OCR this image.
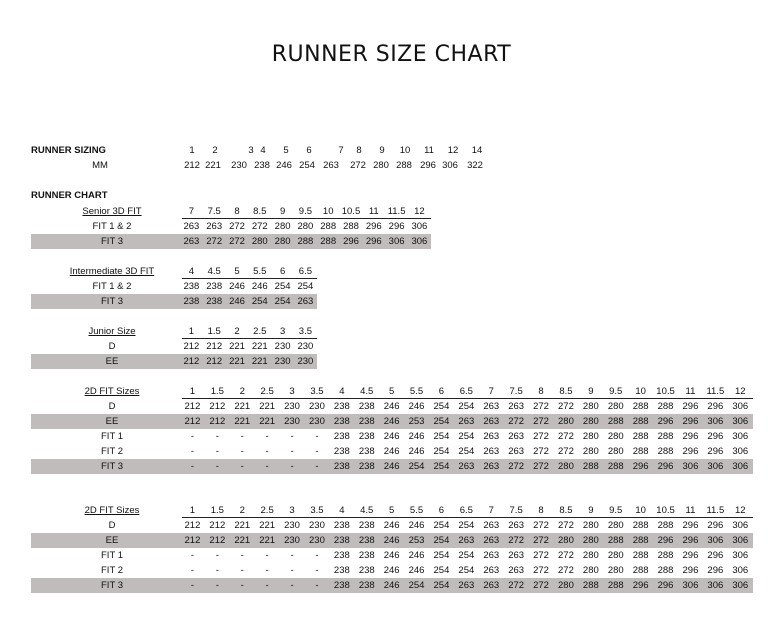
RUNNER SIZE CHART
RUNNER SIZING	1	2	3 4	5	6	7	8	9	10	11	12	14
MM	212 221	230 238 246 254 263	272 280 288 296 306 322
RUNNER CHART
Senior 3D FIT	7	7.5	8	8.5	9	9.5	10 10.5 11 11.5 12
FIT 1 & 2	263 263 272 272 280 280 288 288 296 296 306
FIT 3	263 272 272 280 280 288 288 296 296 306 306
Intermediate 3D FIT	4	4.5	5	5.5	6	6.5
FIT 1 & 2	238 238 246 246 254 254
FIT 3	238 238 246 254 254 263
Junior Size	1	1.5	2	2.5	3	3.5
D	212 212 221 221 230 230
EE	212 212 221 221 230 230
2D FIT Sizes	1	1.5	2	2.5	3	3.5	4	4.5	5	5.5	6	6.5	7	7.5	8	8.5	9	9.5	10	10.5	11	11.5	12
D	212 212 221 221 230 230 238 238 246 246 254 254 263 263 272 272 280 280 288 288 296 296 306
EE	212 212 221 221 230 230 238 238 246 253 254 263 263 272 272 280 280 288 288 296 296 306 306
FIT 1	-	-	-	-	-	-	238 238 246 246 254 254 263 263 272 272 280 280 288 288 296 296 306
FIT 2	-	-	-	-	-	-	238 238 246 246 254 254 263 263 272 272 280 280 288 288 296 296 306
FIT 3	-	-	-	-	-	-	238 238 246 254 254 263 263 272 272 280 288 288 296 296 306 306 306
2D FIT Sizes	1	1.5	2	2.5	3	3.5	4	4.5	5	5.5	6	6.5	7	7.5	8	8.5	9	9.5	10	10.5	11	11.5	12
D	212 212 221 221 230 230 238 238 246 246 254 254 263 263 272 272 280 280 288 288 296 296 306
EE	212 212 221 221 230 230 238 238 246 253 254 263 263 272 272 280 280 288 288 296 296 306 306
FIT 1	-	-	-	-	-	-	238 238 246 246 254 254 263 263 272 272 280 280 288 288 296 296 306
FIT 2	-	-	-	-	-	-	238 238 246 246 254 254 263 263 272 272 280 280 288 288 296 296 306
FIT 3	-	-	-	-	-	-	238 238 246 254 254 263 263 272 272 280 288 288 296 296 306 306 306
